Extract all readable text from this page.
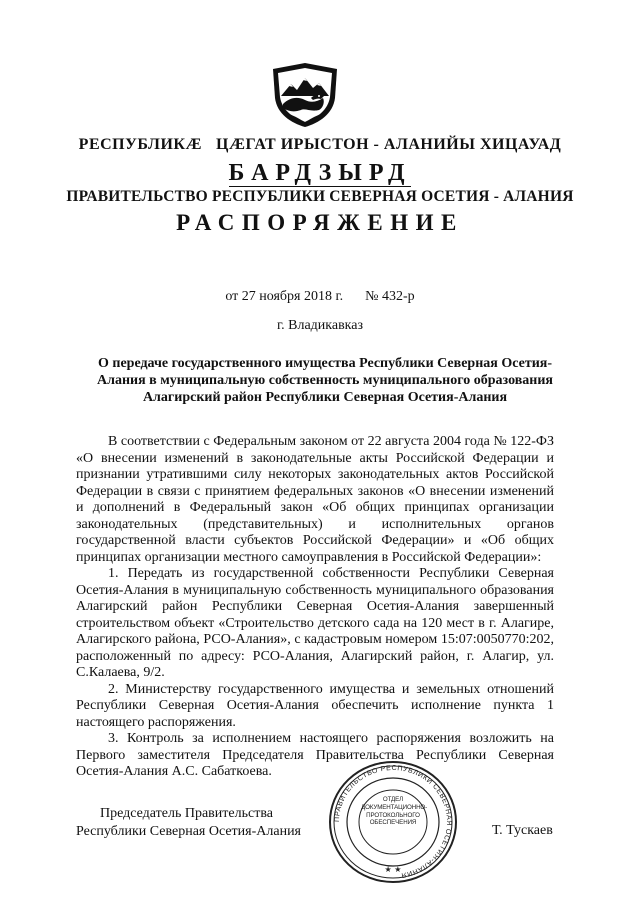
РЕСПУБЛИКӔ ЦӔГАТ ИРЫСТОН - АЛАНИЙЫ ХИЦАУАД
БАРДЗЫРД
ПРАВИТЕЛЬСТВО РЕСПУБЛИКИ СЕВЕРНАЯ ОСЕТИЯ - АЛАНИЯ
РАСПОРЯЖЕНИЕ
от 27 ноября 2018 г. № 432-р
г. Владикавказ
О передаче государственного имущества Республики Северная Осетия-Алания в муниципальную собственность муниципального образования Алагирский район Республики Северная Осетия-Алания

В соответствии с Федеральным законом от 22 августа 2004 года № 122-ФЗ «О внесении изменений в законодательные акты Российской Федерации и признании утратившими силу некоторых законодательных актов Российской Федерации в связи с принятием федеральных законов «О внесении изменений и дополнений в Федеральный закон «Об общих принципах организации законодательных (представительных) и исполнительных органов государственной власти субъектов Российской Федерации» и «Об общих принципах организации местного самоуправления в Российской Федерации»:

1. Передать из государственной собственности Республики Северная Осетия-Алания в муниципальную собственность муниципального образования Алагирский район Республики Северная Осетия-Алания завершенный строительством объект «Строительство детского сада на 120 мест в г. Алагире, Алагирского района, РСО-Алания», с кадастровым номером 15:07:0050770:202, расположенный по адресу: РСО-Алания, Алагирский район, г. Алагир, ул. С.Калаева, 9/2.

2. Министерству государственного имущества и земельных отношений Республики Северная Осетия-Алания обеспечить исполнение пункта 1 настоящего распоряжения.

3. Контроль за исполнением настоящего распоряжения возложить на Первого заместителя Председателя Правительства Республики Северная Осетия-Алания А.С. Сабаткоева.

Председатель Правительства
Республики Северная Осетия-Алания
ПРАВИТЕЛЬСТВО РЕСПУБЛИКИ СЕВЕРНАЯ ОСЕТИЯ-АЛАНИЯ
★ ★
ОТДЕЛ
ДОКУМЕНТАЦИОННО-
ПРОТОКОЛЬНОГО
ОБЕСПЕЧЕНИЯ
Т. Тускаев
